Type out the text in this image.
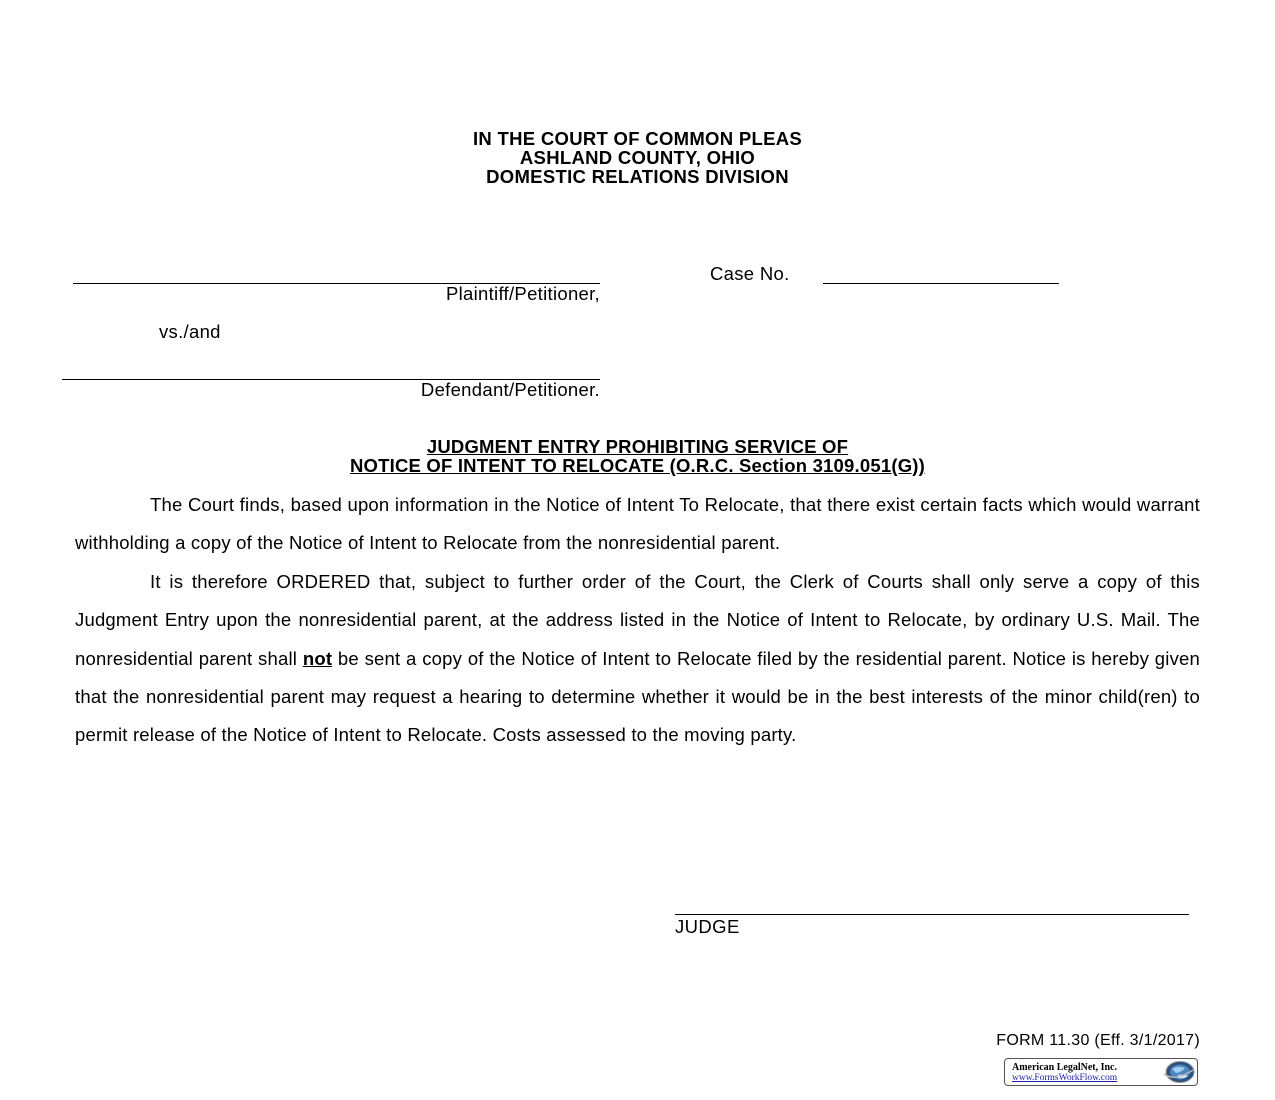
IN THE COURT OF COMMON PLEAS
ASHLAND COUNTY, OHIO
DOMESTIC RELATIONS DIVISION
Plaintiff/Petitioner,
Case No.
vs./and
Defendant/Petitioner.
JUDGMENT ENTRY PROHIBITING SERVICE OF
NOTICE OF INTENT TO RELOCATE (O.R.C. Section 3109.051(G))

The Court finds, based upon information in the Notice of Intent To Relocate, that there exist certain facts which would warrant withholding a copy of the Notice of Intent to Relocate from the nonresidential parent.

It is therefore ORDERED that, subject to further order of the Court, the Clerk of Courts shall only serve a copy of this Judgment Entry upon the nonresidential parent, at the address listed in the Notice of Intent to Relocate, by ordinary U.S. Mail. The nonresidential parent shall not be sent a copy of the Notice of Intent to Relocate filed by the residential parent. Notice is hereby given that the nonresidential parent may request a hearing to determine whether it would be in the best interests of the minor child(ren) to permit release of the Notice of Intent to Relocate. Costs assessed to the moving party.

JUDGE
FORM 11.30 (Eff. 3/1/2017)
American LegalNet, Inc.
www.FormsWorkFlow.com
